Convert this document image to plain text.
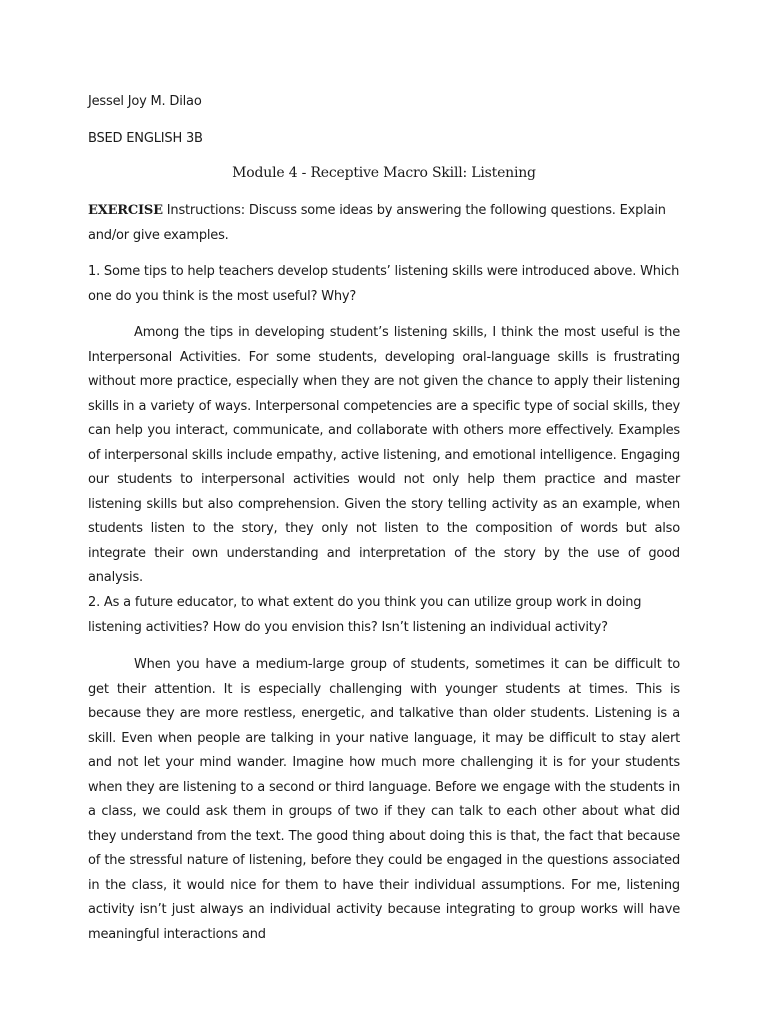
Jessel Joy M. Dilao
BSED ENGLISH 3B
Module 4 - Receptive Macro Skill: Listening
EXERCISE Instructions: Discuss some ideas by answering the following questions. Explain and/or give examples.
1. Some tips to help teachers develop students’ listening skills were introduced above. Which one do you think is the most useful? Why?
Among the tips in developing student’s listening skills, I think the most useful is the Interpersonal Activities. For some students, developing oral-language skills is frustrating without more practice, especially when they are not given the chance to apply their listening skills in a variety of ways. Interpersonal competencies are a specific type of social skills, they can help you interact, communicate, and collaborate with others more effectively. Examples of interpersonal skills include empathy, active listening, and emotional intelligence. Engaging our students to interpersonal activities would not only help them practice and master listening skills but also comprehension. Given the story telling activity as an example, when students listen to the story, they only not listen to the composition of words but also integrate their own understanding and interpretation of the story by the use of good analysis.
2. As a future educator, to what extent do you think you can utilize group work in doing listening activities? How do you envision this? Isn’t listening an individual activity?
When you have a medium-large group of students, sometimes it can be difficult to get their attention. It is especially challenging with younger students at times. This is because they are more restless, energetic, and talkative than older students. Listening is a skill. Even when people are talking in your native language, it may be difficult to stay alert and not let your mind wander. Imagine how much more challenging it is for your students when they are listening to a second or third language. Before we engage with the students in a class, we could ask them in groups of two if they can talk to each other about what did they understand from the text. The good thing about doing this is that, the fact that because of the stressful nature of listening, before they could be engaged in the questions associated in the class, it would nice for them to have their individual assumptions. For me, listening activity isn’t just always an individual activity because integrating to group works will have meaningful interactions and
